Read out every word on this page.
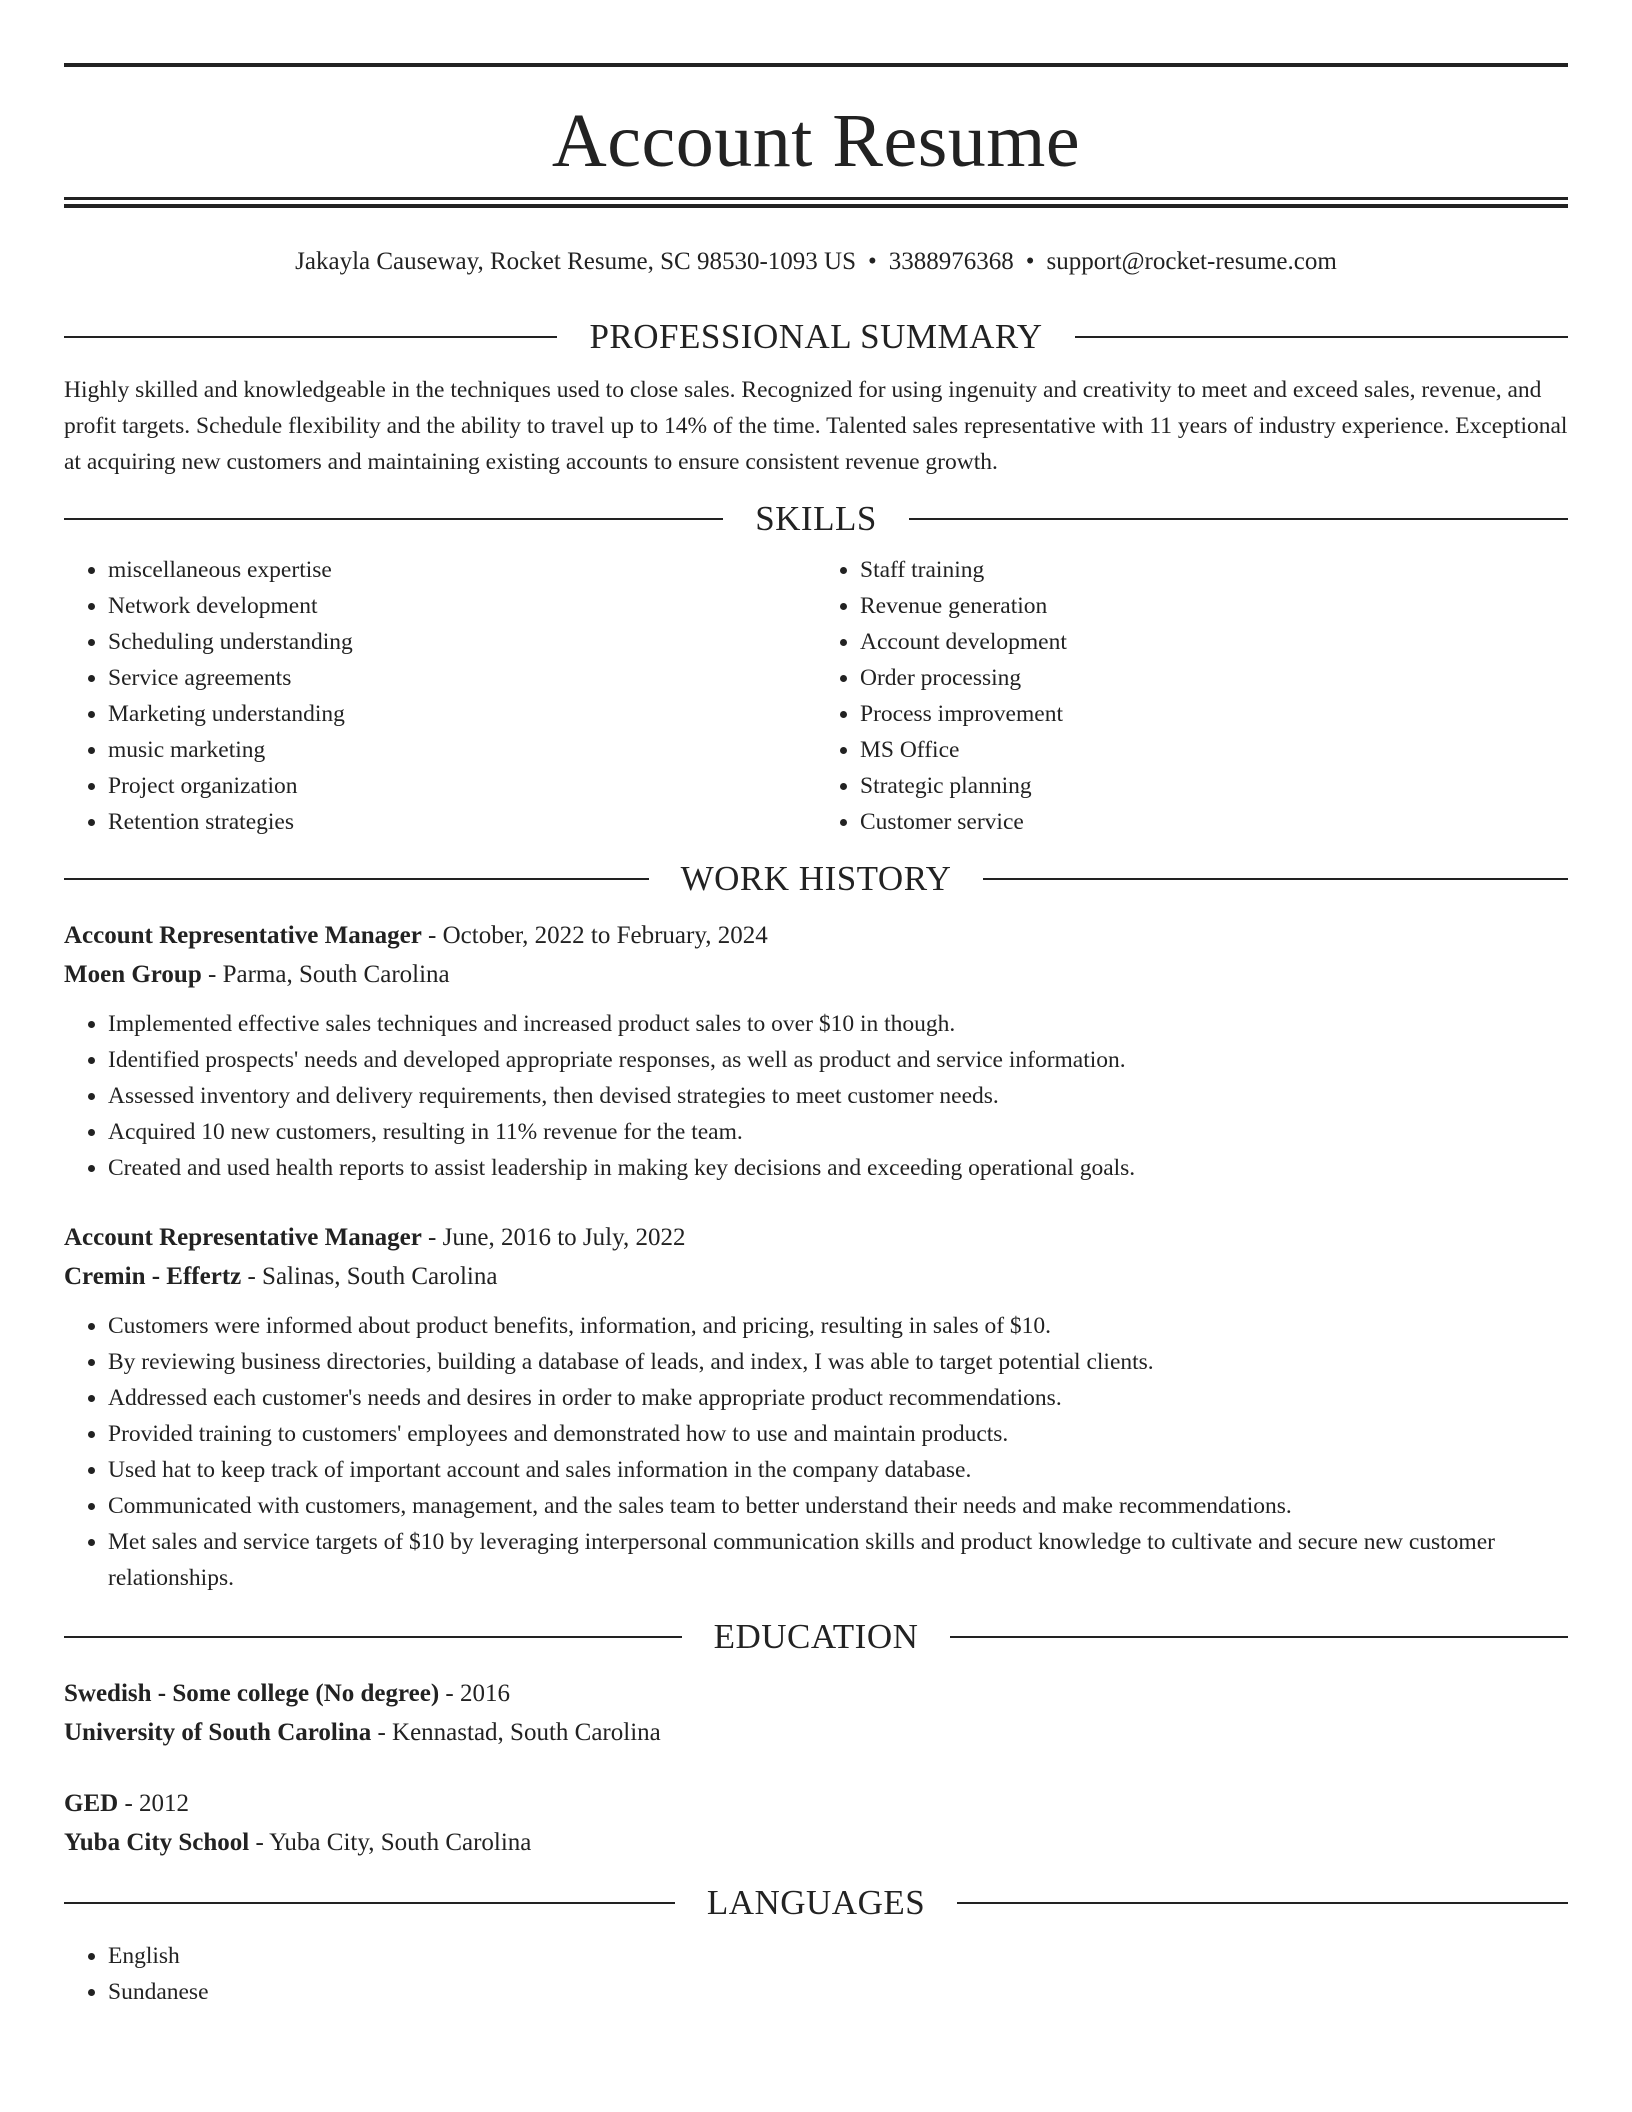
Account Resume
Jakayla Causeway, Rocket Resume, SC 98530-1093 US • 3388976368 • support@rocket-resume.com
PROFESSIONAL SUMMARY

Highly skilled and knowledgeable in the techniques used to close sales. Recognized for using ingenuity and creativity to meet and exceed sales, revenue, and profit targets. Schedule flexibility and the ability to travel up to 14% of the time. Talented sales representative with 11 years of industry experience. Exceptional at acquiring new customers and maintaining existing accounts to ensure consistent revenue growth.

SKILLS
• miscellaneous expertise
• Network development
• Scheduling understanding
• Service agreements
• Marketing understanding
• music marketing
• Project organization
• Retention strategies
• Staff training
• Revenue generation
• Account development
• Order processing
• Process improvement
• MS Office
• Strategic planning
• Customer service
WORK HISTORY
Account Representative Manager - October, 2022 to February, 2024
Moen Group - Parma, South Carolina
• Implemented effective sales techniques and increased product sales to over $10 in though.
• Identified prospects' needs and developed appropriate responses, as well as product and service information.
• Assessed inventory and delivery requirements, then devised strategies to meet customer needs.
• Acquired 10 new customers, resulting in 11% revenue for the team.
• Created and used health reports to assist leadership in making key decisions and exceeding operational goals.
Account Representative Manager - June, 2016 to July, 2022
Cremin - Effertz - Salinas, South Carolina
• Customers were informed about product benefits, information, and pricing, resulting in sales of $10.
• By reviewing business directories, building a database of leads, and index, I was able to target potential clients.
• Addressed each customer's needs and desires in order to make appropriate product recommendations.
• Provided training to customers' employees and demonstrated how to use and maintain products.
• Used hat to keep track of important account and sales information in the company database.
• Communicated with customers, management, and the sales team to better understand their needs and make recommendations.
• Met sales and service targets of $10 by leveraging interpersonal communication skills and product knowledge to cultivate and secure new customer relationships.
EDUCATION
Swedish - Some college (No degree) - 2016
University of South Carolina - Kennastad, South Carolina
GED - 2012
Yuba City School - Yuba City, South Carolina
LANGUAGES
• English
• Sundanese
